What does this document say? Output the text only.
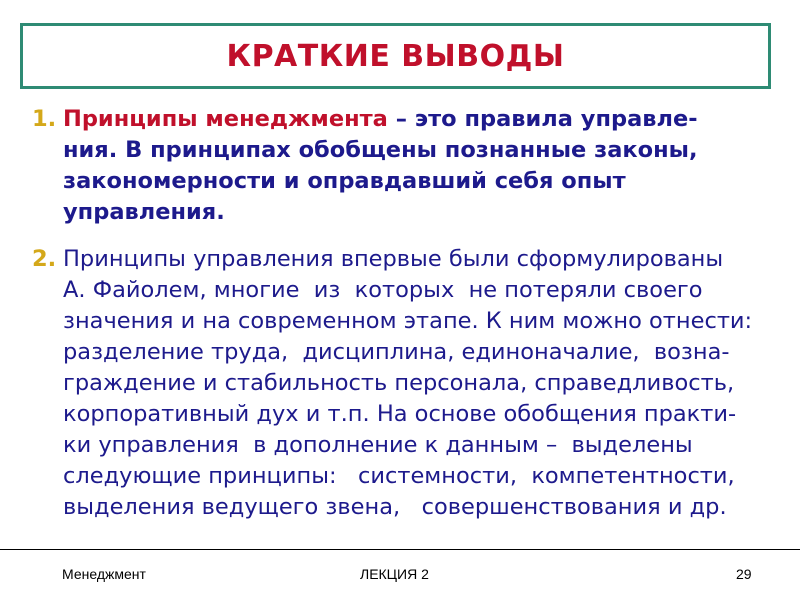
КРАТКИЕ ВЫВОДЫ
1. Принципы менеджмента – это правила управле-
ния. В принципах обобщены познанные законы,
закономерности и оправдавший себя опыт
управления.
2. Принципы управления впервые были сформулированы
А. Файолем, многие  из  которых  не потеряли своего
значения и на современном этапе. К ним можно отнести:
разделение труда,  дисциплина, единоначалие,  возна-
граждение и стабильность персонала, справедливость,
корпоративный дух и т.п. На основе обобщения практи-
ки управления  в дополнение к данным –  выделены
следующие принципы:   системности,  компетентности,
выделения ведущего звена,   совершенствования и др.
Менеджмент	ЛЕКЦИЯ 2	29
